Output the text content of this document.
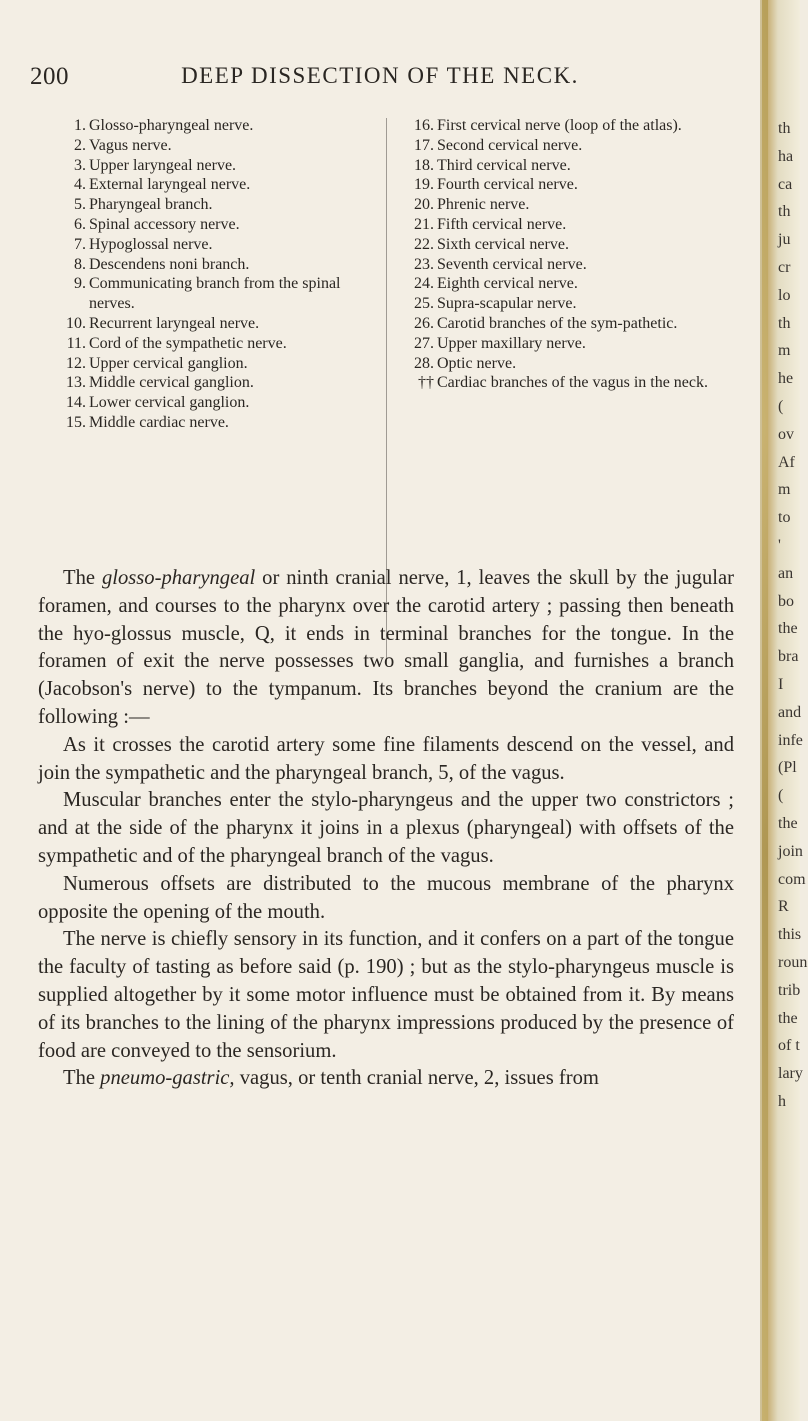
200	DEEP DISSECTION OF THE NECK.
1. Glosso-pharyngeal nerve.
2. Vagus nerve.
3. Upper laryngeal nerve.
4. External laryngeal nerve.
5. Pharyngeal branch.
6. Spinal accessory nerve.
7. Hypoglossal nerve.
8. Descendens noni branch.
9. Communicating branch from the spinal nerves.
10. Recurrent laryngeal nerve.
11. Cord of the sympathetic nerve.
12. Upper cervical ganglion.
13. Middle cervical ganglion.
14. Lower cervical ganglion.
15. Middle cardiac nerve.
16. First cervical nerve (loop of the atlas).
17. Second cervical nerve.
18. Third cervical nerve.
19. Fourth cervical nerve.
20. Phrenic nerve.
21. Fifth cervical nerve.
22. Sixth cervical nerve.
23. Seventh cervical nerve.
24. Eighth cervical nerve.
25. Supra-scapular nerve.
26. Carotid branches of the sym-pathetic.
27. Upper maxillary nerve.
28. Optic nerve.
†† Cardiac branches of the vagus in the neck.

The glosso-pharyngeal or ninth cranial nerve, 1, leaves the skull by the jugular foramen, and courses to the pharynx over the carotid artery ; passing then beneath the hyo-glossus muscle, Q, it ends in terminal branches for the tongue. In the foramen of exit the nerve possesses two small ganglia, and furnishes a branch (Jacobson's nerve) to the tympanum. Its branches beyond the cranium are the following :—

As it crosses the carotid artery some fine filaments descend on the vessel, and join the sympathetic and the pharyngeal branch, 5, of the vagus.

Muscular branches enter the stylo-pharyngeus and the upper two constrictors ; and at the side of the pharynx it joins in a plexus (pharyngeal) with offsets of the sympathetic and of the pharyngeal branch of the vagus.

Numerous offsets are distributed to the mucous membrane of the pharynx opposite the opening of the mouth.

The nerve is chiefly sensory in its function, and it confers on a part of the tongue the faculty of tasting as before said (p. 190) ; but as the stylo-pharyngeus muscle is supplied altogether by it some motor influence must be obtained from it. By means of its branches to the lining of the pharynx impressions produced by the presence of food are conveyed to the sensorium.

The pneumo-gastric, vagus, or tenth cranial nerve, 2, issues from

th
ha
ca
th
ju
cr
lo
th
m
he
(
ov
Af
m
to
'
an
bo
the
bra
I
and
infe
(Pl
(
the
join
com
R
this
roun
trib
the
of t
lary
h
